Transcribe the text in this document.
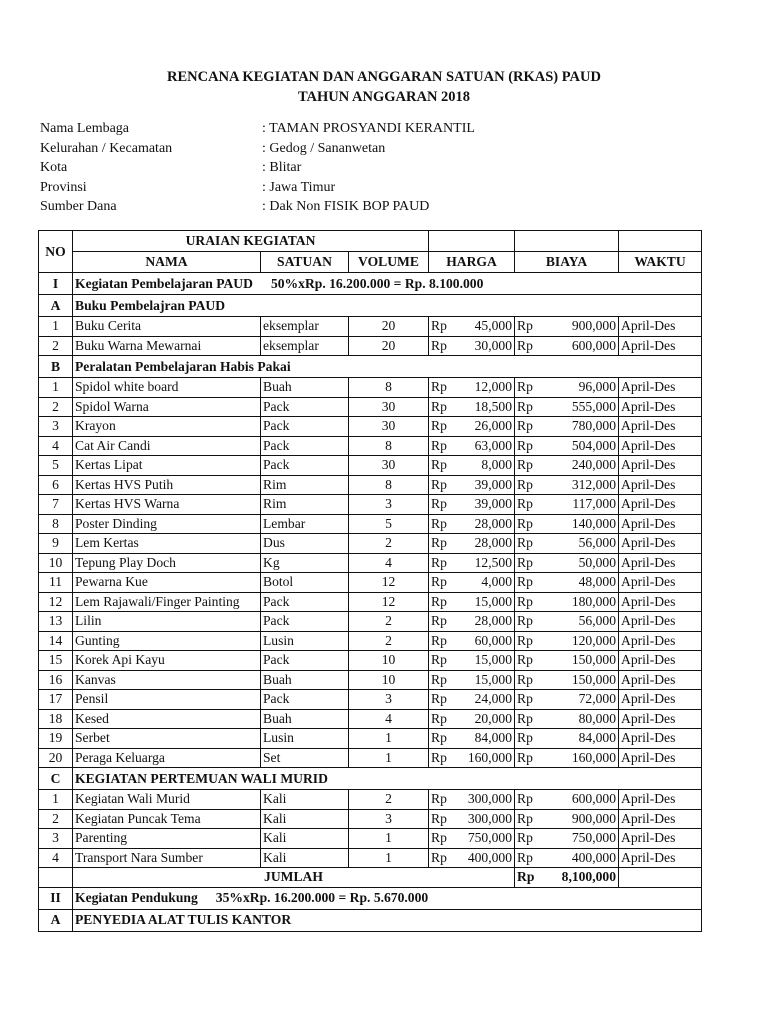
RENCANA KEGIATAN DAN ANGGARAN SATUAN (RKAS) PAUD
TAHUN ANGGARAN 2018
Nama Lembaga	: TAMAN PROSYANDI KERANTIL
Kelurahan / Kecamatan	: Gedog / Sananwetan
Kota	: Blitar
Provinsi	: Jawa Timur
Sumber Dana	: Dak Non FISIK BOP PAUD
NO	URAIAN KEGIATAN							
	NAMA	SATUAN	VOLUME	HARGA		BIAYA		WAKTU
I	Kegiatan Pembelajaran PAUD 50%xRp. 16.200.000 = Rp. 8.100.000							
A	Buku Pembelajran PAUD							
1	Buku Cerita	eksemplar	20	Rp	45,000	Rp	900,000	April-Des
2	Buku Warna Mewarnai	eksemplar	20	Rp	30,000	Rp	600,000	April-Des
B	Peralatan Pembelajaran Habis Pakai							
1	Spidol white board	Buah	8	Rp	12,000	Rp	96,000	April-Des
2	Spidol Warna	Pack	30	Rp	18,500	Rp	555,000	April-Des
3	Krayon	Pack	30	Rp	26,000	Rp	780,000	April-Des
4	Cat Air Candi	Pack	8	Rp	63,000	Rp	504,000	April-Des
5	Kertas Lipat	Pack	30	Rp	8,000	Rp	240,000	April-Des
6	Kertas HVS Putih	Rim	8	Rp	39,000	Rp	312,000	April-Des
7	Kertas HVS Warna	Rim	3	Rp	39,000	Rp	117,000	April-Des
8	Poster Dinding	Lembar	5	Rp	28,000	Rp	140,000	April-Des
9	Lem Kertas	Dus	2	Rp	28,000	Rp	56,000	April-Des
10	Tepung Play Doch	Kg	4	Rp	12,500	Rp	50,000	April-Des
11	Pewarna Kue	Botol	12	Rp	4,000	Rp	48,000	April-Des
12	Lem Rajawali/Finger Painting	Pack	12	Rp	15,000	Rp	180,000	April-Des
13	Lilin	Pack	2	Rp	28,000	Rp	56,000	April-Des
14	Gunting	Lusin	2	Rp	60,000	Rp	120,000	April-Des
15	Korek Api Kayu	Pack	10	Rp	15,000	Rp	150,000	April-Des
16	Kanvas	Buah	10	Rp	15,000	Rp	150,000	April-Des
17	Pensil	Pack	3	Rp	24,000	Rp	72,000	April-Des
18	Kesed	Buah	4	Rp	20,000	Rp	80,000	April-Des
19	Serbet	Lusin	1	Rp	84,000	Rp	84,000	April-Des
20	Peraga Keluarga	Set	1	Rp	160,000	Rp	160,000	April-Des
C	KEGIATAN PERTEMUAN WALI MURID							
1	Kegiatan Wali Murid	Kali	2	Rp	300,000	Rp	600,000	April-Des
2	Kegiatan Puncak Tema	Kali	3	Rp	300,000	Rp	900,000	April-Des
3	Parenting	Kali	1	Rp	750,000	Rp	750,000	April-Des
4	Transport Nara Sumber	Kali	1	Rp	400,000	Rp	400,000	April-Des
	JUMLAH					Rp	8,100,000	
II	Kegiatan Pendukung 35%xRp. 16.200.000 = Rp. 5.670.000							
A	PENYEDIA ALAT TULIS KANTOR							
